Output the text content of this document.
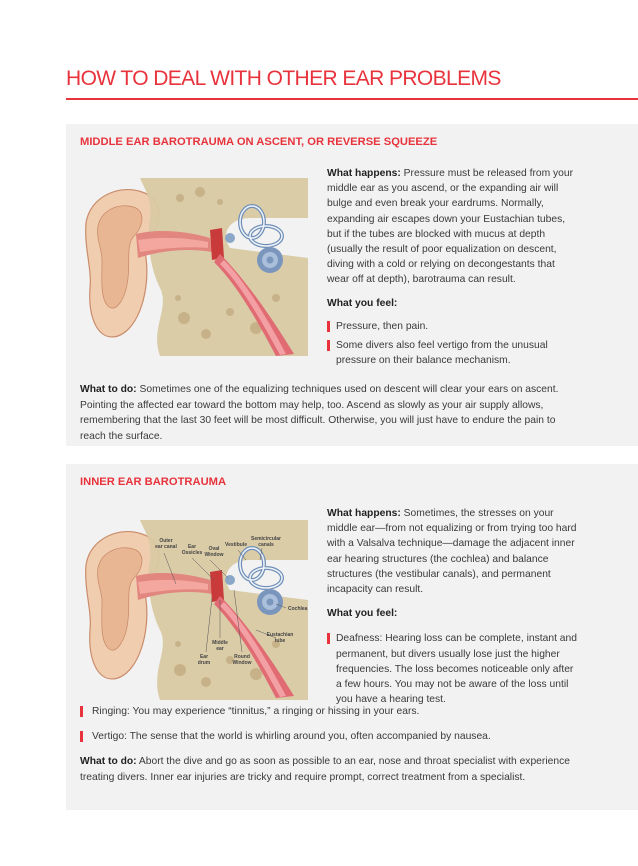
HOW TO DEAL WITH OTHER EAR PROBLEMS
MIDDLE EAR BAROTRAUMA ON ASCENT, OR REVERSE SQUEEZE
What happens: Pressure must be released from your middle ear as you ascend, or the expanding air will bulge and even break your eardrums. Normally, expanding air escapes down your Eustachian tubes, but if the tubes are blocked with mucus at depth (usually the result of poor equalization on descent, diving with a cold or relying on decongestants that wear off at depth), barotrauma can result.
What you feel:
Pressure, then pain.
Some divers also feel vertigo from the unusual pressure on their balance mechanism.
What to do: Sometimes one of the equalizing techniques used on descent will clear your ears on ascent. Pointing the affected ear toward the bottom may help, too. Ascend as slowly as your air supply allows, remembering that the last 30 feet will be most difficult. Otherwise, you will just have to endure the pain to reach the surface.
INNER EAR BAROTRAUMA
Outer ear canal	Ear Ossicles
Oval Window
Vestibule
Semicircular canals
Cochlea
Eustachian tube
Middle ear
Round Window
Ear drum
What happens: Sometimes, the stresses on your middle ear—from not equalizing or from trying too hard with a Valsalva technique—damage the adjacent inner ear hearing structures (the cochlea) and balance structures (the vestibular canals), and permanent incapacity can result.
What you feel:
Deafness: Hearing loss can be complete, instant and permanent, but divers usually lose just the higher frequencies. The loss becomes noticeable only after a few hours. You may not be aware of the loss until you have a hearing test.
Ringing: You may experience “tinnitus,” a ringing or hissing in your ears.
Vertigo: The sense that the world is whirling around you, often accompanied by nausea.
What to do: Abort the dive and go as soon as possible to an ear, nose and throat specialist with experience treating divers. Inner ear injuries are tricky and require prompt, correct treatment from a specialist.
